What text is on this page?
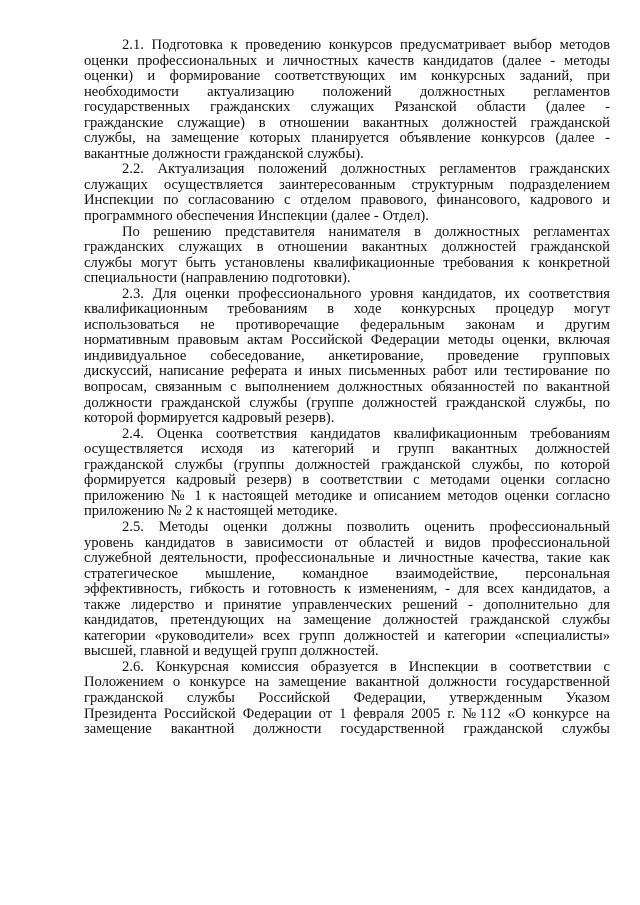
2.1. Подготовка к проведению конкурсов предусматривает выбор методов
оценки профессиональных и личностных качеств кандидатов (далее - методы
оценки) и формирование соответствующих им конкурсных заданий, при
необходимости актуализацию положений должностных регламентов
государственных гражданских служащих Рязанской области (далее -
гражданские служащие) в отношении вакантных должностей гражданской
службы, на замещение которых планируется объявление конкурсов (далее -
вакантные должности гражданской службы).
2.2. Актуализация положений должностных регламентов гражданских
служащих осуществляется заинтересованным структурным подразделением
Инспекции по согласованию с отделом правового, финансового, кадрового и
программного обеспечения Инспекции (далее - Отдел).
По решению представителя нанимателя в должностных регламентах
гражданских служащих в отношении вакантных должностей гражданской
службы могут быть установлены квалификационные требования к конкретной
специальности (направлению подготовки).
2.3. Для оценки профессионального уровня кандидатов, их соответствия
квалификационным требованиям в ходе конкурсных процедур могут
использоваться не противоречащие федеральным законам и другим
нормативным правовым актам Российской Федерации методы оценки, включая
индивидуальное собеседование, анкетирование, проведение групповых
дискуссий, написание реферата и иных письменных работ или тестирование по
вопросам, связанным с выполнением должностных обязанностей по вакантной
должности гражданской службы (группе должностей гражданской службы, по
которой формируется кадровый резерв).
2.4. Оценка соответствия кандидатов квалификационным требованиям
осуществляется исходя из категорий и групп вакантных должностей
гражданской службы (группы должностей гражданской службы, по которой
формируется кадровый резерв) в соответствии с методами оценки согласно
приложению № 1 к настоящей методике и описанием методов оценки согласно
приложению № 2 к настоящей методике.
2.5. Методы оценки должны позволить оценить профессиональный
уровень кандидатов в зависимости от областей и видов профессиональной
служебной деятельности, профессиональные и личностные качества, такие как
стратегическое мышление, командное взаимодействие, персональная
эффективность, гибкость и готовность к изменениям, - для всех кандидатов, а
также лидерство и принятие управленческих решений - дополнительно для
кандидатов, претендующих на замещение должностей гражданской службы
категории «руководители» всех групп должностей и категории «специалисты»
высшей, главной и ведущей групп должностей.
2.6. Конкурсная комиссия образуется в Инспекции в соответствии с
Положением о конкурсе на замещение вакантной должности государственной
гражданской службы Российской Федерации, утвержденным Указом
Президента Российской Федерации от 1 февраля 2005 г. №112 «О конкурсе на
замещение вакантной должности государственной гражданской службы
